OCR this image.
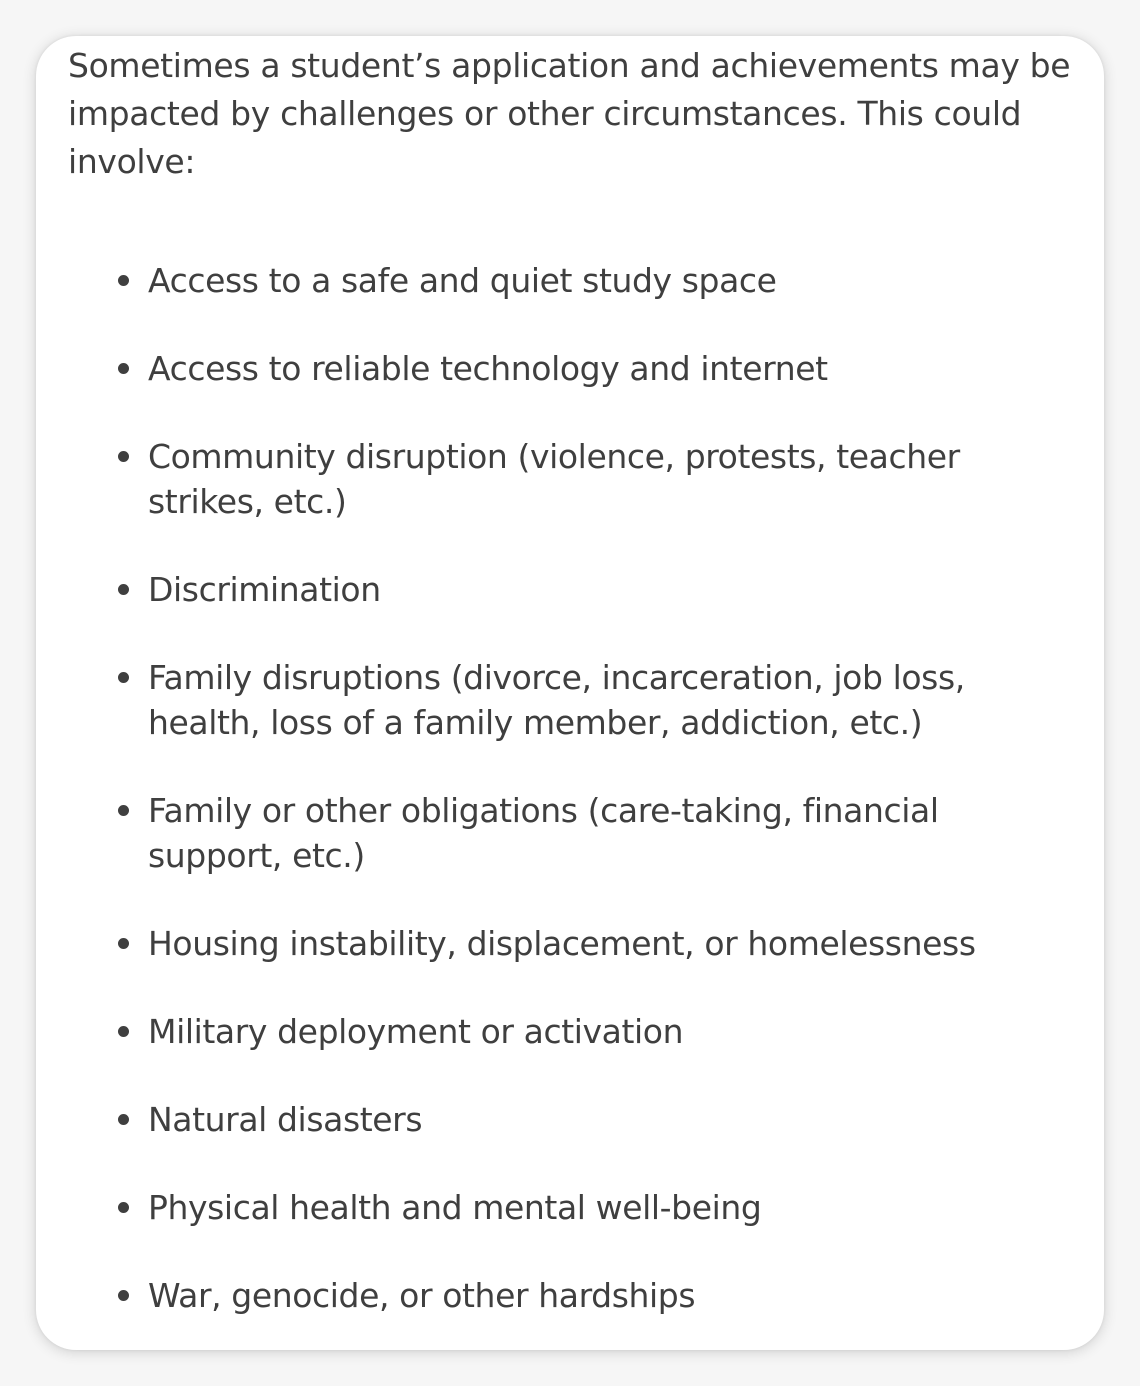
Sometimes a student’s application and achievements may be impacted by challenges or other circumstances. This could involve:

Access to a safe and quiet study space
Access to reliable technology and internet
Community disruption (violence, protests, teacher strikes, etc.)
Discrimination
Family disruptions (divorce, incarceration, job loss, health, loss of a family member, addiction, etc.)
Family or other obligations (care-taking, financial support, etc.)
Housing instability, displacement, or homelessness
Military deployment or activation
Natural disasters
Physical health and mental well-being
War, genocide, or other hardships
